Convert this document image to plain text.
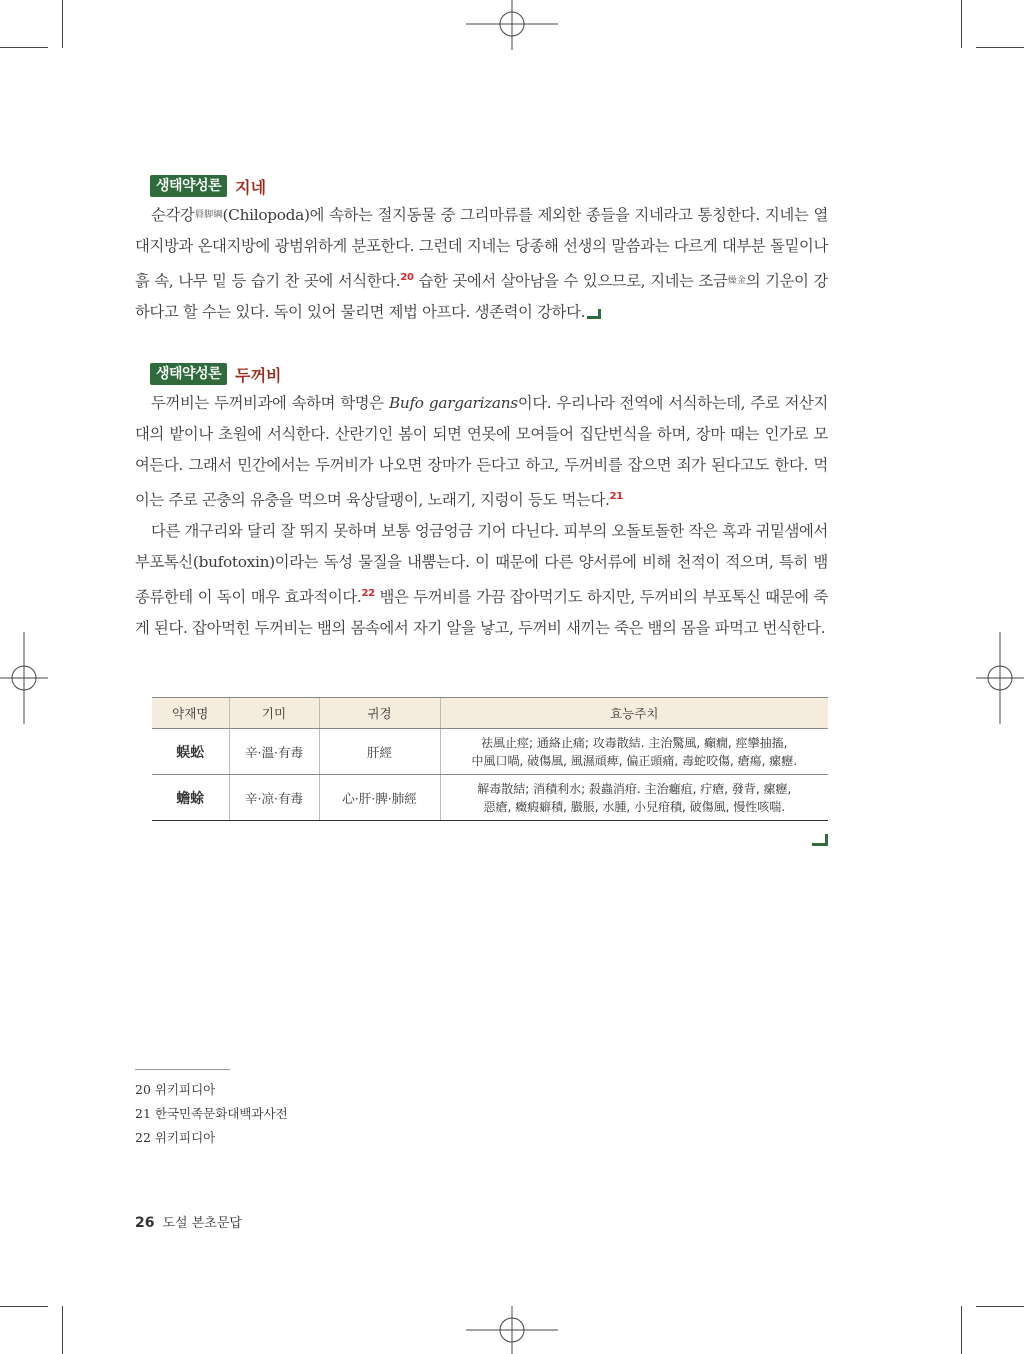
생태약성론 지네

순각강脣脚綱(Chilopoda)에 속하는 절지동물 중 그리마류를 제외한 종들을 지네라고 통칭한다. 지네는 열대지방과 온대지방에 광범위하게 분포한다. 그런데 지네는 당종해 선생의 말씀과는 다르게 대부분 돌밑이나 흙 속, 나무 밑 등 습기 찬 곳에 서식한다.$^{20}$ 습한 곳에서 살아남을 수 있으므로, 지네는 조금燥金의 기운이 강하다고 할 수는 있다. 독이 있어 물리면 제법 아프다. 생존력이 강하다.

생태약성론 두꺼비

두꺼비는 두꺼비과에 속하며 학명은 Bufo gargarizans이다. 우리나라 전역에 서식하는데, 주로 저산지대의 밭이나 초원에 서식한다. 산란기인 봄이 되면 연못에 모여들어 집단번식을 하며, 장마 때는 인가로 모여든다. 그래서 민간에서는 두꺼비가 나오면 장마가 든다고 하고, 두꺼비를 잡으면 죄가 된다고도 한다. 먹이는 주로 곤충의 유충을 먹으며 육상달팽이, 노래기, 지렁이 등도 먹는다.$^{21}$

다른 개구리와 달리 잘 뛰지 못하며 보통 엉금엉금 기어 다닌다. 피부의 오돌토돌한 작은 혹과 귀밑샘에서 부포톡신(bufotoxin)이라는 독성 물질을 내뿜는다. 이 때문에 다른 양서류에 비해 천적이 적으며, 특히 뱀 종류한테 이 독이 매우 효과적이다.$^{22}$ 뱀은 두꺼비를 가끔 잡아먹기도 하지만, 두꺼비의 부포톡신 때문에 죽게 된다. 잡아먹힌 두꺼비는 뱀의 몸속에서 자기 알을 낳고, 두꺼비 새끼는 죽은 뱀의 몸을 파먹고 번식한다.

약재명	기미	귀경	효능주치
蜈蚣	辛·溫·有毒	肝經	祛風止痙; 通絡止痛; 攻毒散結. 主治驚風, 癲癇, 痙攣抽搐,
中風口喎, 破傷風, 風濕頑痺, 偏正頭痛, 毒蛇咬傷, 瘡瘍, 瘰癧.

蟾蜍	辛·凉·有毒	心·肝·脾·肺經	解毒散結; 消積利水; 殺蟲消疳. 主治癰疽, 疔瘡, 發背, 瘰癧,
惡瘡, 癥瘕癖積, 臌脹, 水腫, 小兒疳積, 破傷風, 慢性咳喘.
20 위키피디아
21 한국민족문화대백과사전
22 위키피디아
26 도설 본초문답
